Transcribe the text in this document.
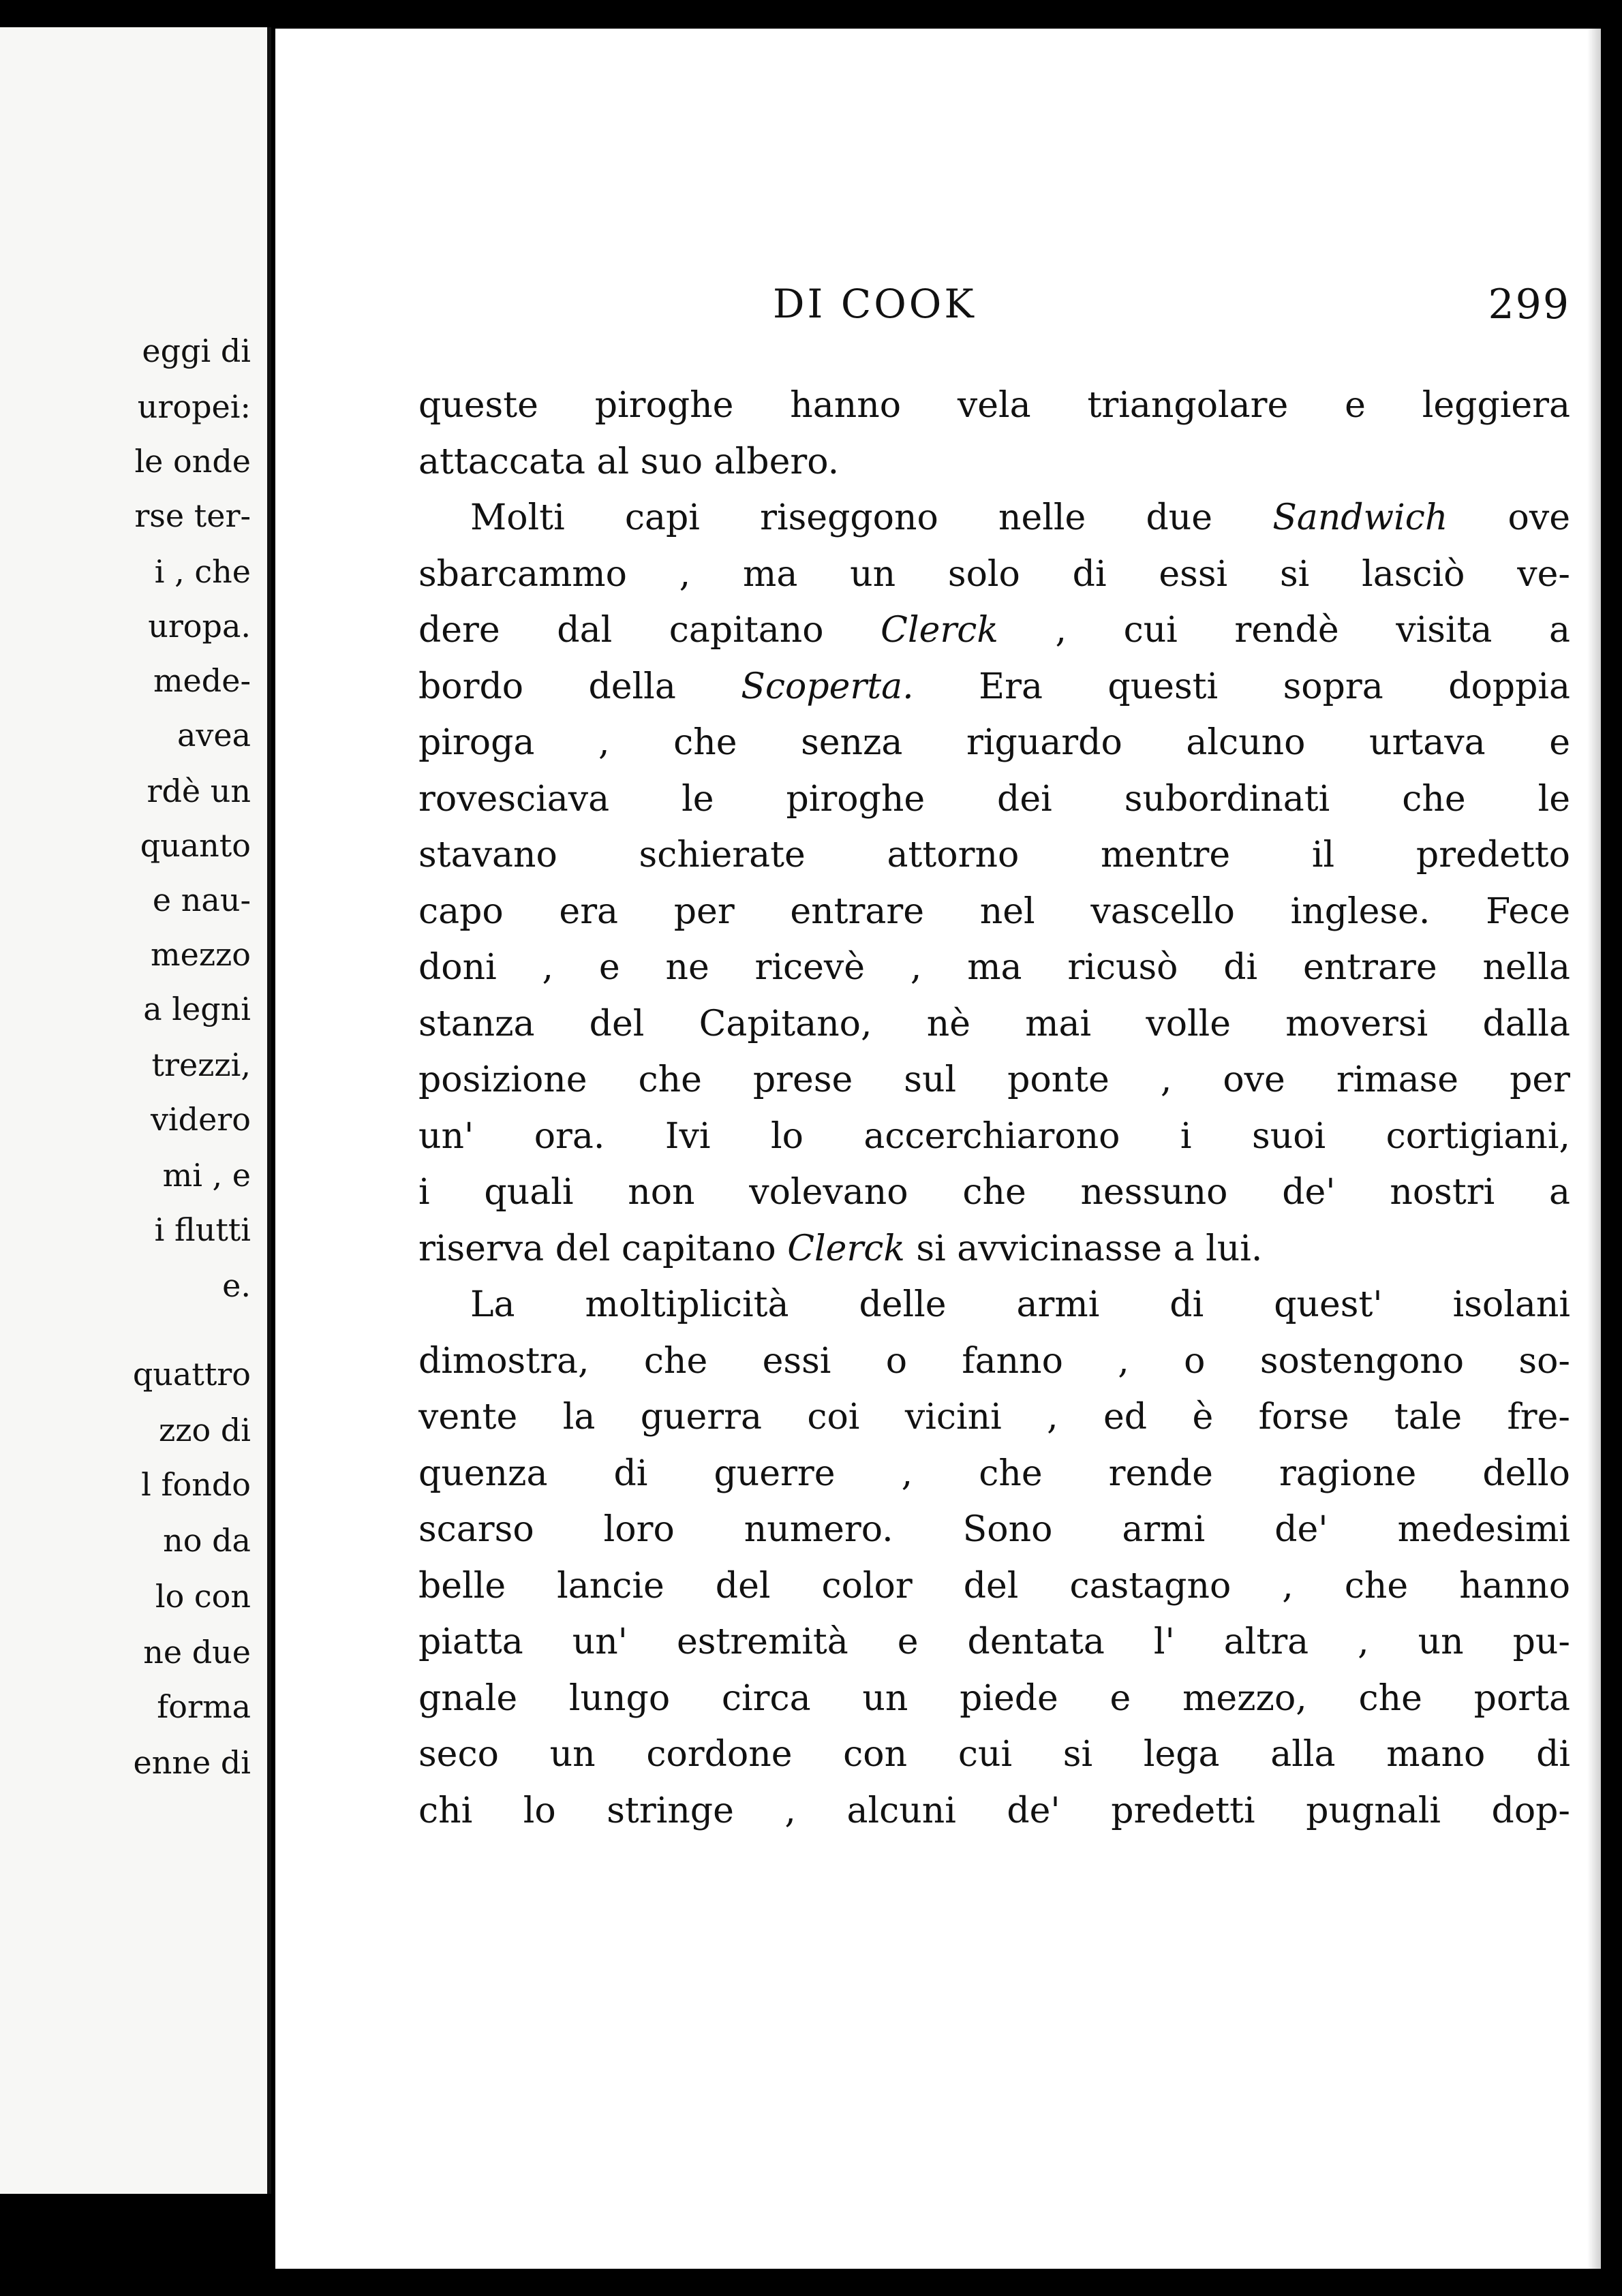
eggi di
uropei:
le onde
rse ter-
i , che
uropa.
mede-
avea
rdè un
quanto
e nau-
mezzo
a legni
trezzi,
videro
mi , e
i flutti
e.
quattro
zzo di
l fondo
no da
lo con
ne due
forma
enne di
DI COOK	299
queste piroghe hanno vela triangolare e leggiera
attaccata al suo albero.
Molti capi riseggono nelle due Sandwich ove
sbarcammo , ma un solo di essi si lasciò ve-
dere dal capitano Clerck , cui rendè visita a
bordo della Scoperta. Era questi sopra doppia
piroga , che senza riguardo alcuno urtava e
rovesciava le piroghe dei subordinati che le
stavano schierate attorno mentre il predetto
capo era per entrare nel vascello inglese. Fece
doni , e ne ricevè , ma ricusò di entrare nella
stanza del Capitano, nè mai volle moversi dalla
posizione che prese sul ponte , ove rimase per
un' ora. Ivi lo accerchiarono i suoi cortigiani,
i quali non volevano che nessuno de' nostri a
riserva del capitano Clerck si avvicinasse a lui.
La moltiplicità delle armi di quest' isolani
dimostra, che essi o fanno , o sostengono so-
vente la guerra coi vicini , ed è forse tale fre-
quenza di guerre , che rende ragione dello
scarso loro numero. Sono armi de' medesimi
belle lancie del color del castagno , che hanno
piatta un' estremità e dentata l' altra , un pu-
gnale lungo circa un piede e mezzo, che porta
seco un cordone con cui si lega alla mano di
chi lo stringe , alcuni de' predetti pugnali dop-
